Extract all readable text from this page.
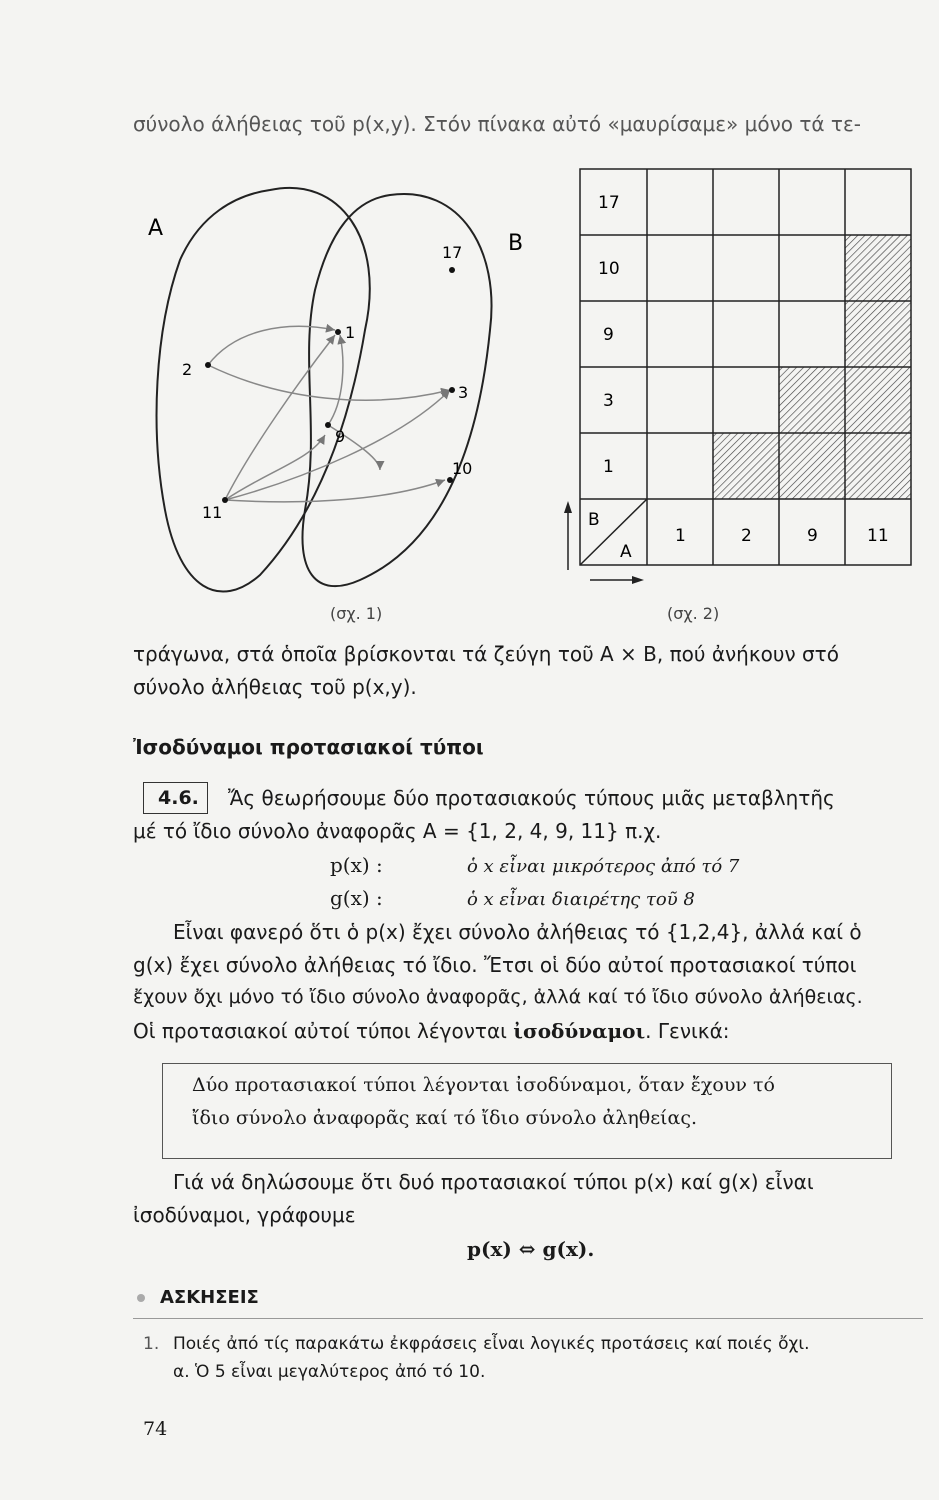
σύνολο άλήθειας τοῦ p(x,y). Στόν πίνακα αὐτό «μαυρίσαμε» μόνο τά τε-
A
B
2
1
17
3
9
10
11
(σχ. 1)
17
10
9
3
1
B
A
1	2	9	11
(σχ. 2)
τράγωνα, στά ὁποῖα βρίσκονται τά ζεύγη τοῦ A × B, πού ἀνήκουν στό
σύνολο ἀλήθειας τοῦ p(x,y).
Ἰσοδύναμοι προτασιακοί τύποι
4.6. Ἄς θεωρήσουμε δύο προτασιακούς τύπους μιᾶς μεταβλητῆς
μέ τό ἴδιο σύνολο ἀναφορᾶς A = {1, 2, 4, 9, 11} π.χ.
p(x) :	ὁ x εἶναι μικρότερος ἀπό τό 7
g(x) :	ὁ x εἶναι διαιρέτης τοῦ 8
Εἶναι φανερό ὅτι ὁ p(x) ἔχει σύνολο ἀλήθειας τό {1,2,4}, ἀλλά καί ὁ
g(x) ἔχει σύνολο ἀλήθειας τό ἴδιο. Ἔτσι οἱ δύο αὐτοί προτασιακοί τύποι
ἔχουν ὄχι μόνο τό ἴδιο σύνολο ἀναφορᾶς, ἀλλά καί τό ἴδιο σύνολο ἀλήθειας.
Οἱ προτασιακοί αὐτοί τύποι λέγονται ἰσοδύναμοι. Γενικά:
Δύο προτασιακοί τύποι λέγονται ἰσοδύναμοι, ὅταν ἔχουν τό
ἴδιο σύνολο ἀναφορᾶς καί τό ἴδιο σύνολο ἀληθείας.
Γιά νά δηλώσουμε ὅτι δυό προτασιακοί τύποι p(x) καί g(x) εἶναι
ἰσοδύναμοι, γράφουμε
p(x) ⇔ g(x).
ΑΣΚΗΣΕΙΣ
1. Ποιές ἀπό τίς παρακάτω ἐκφράσεις εἶναι λογικές προτάσεις καί ποιές ὄχι.
α. Ὁ 5 εἶναι μεγαλύτερος ἀπό τό 10.
74
